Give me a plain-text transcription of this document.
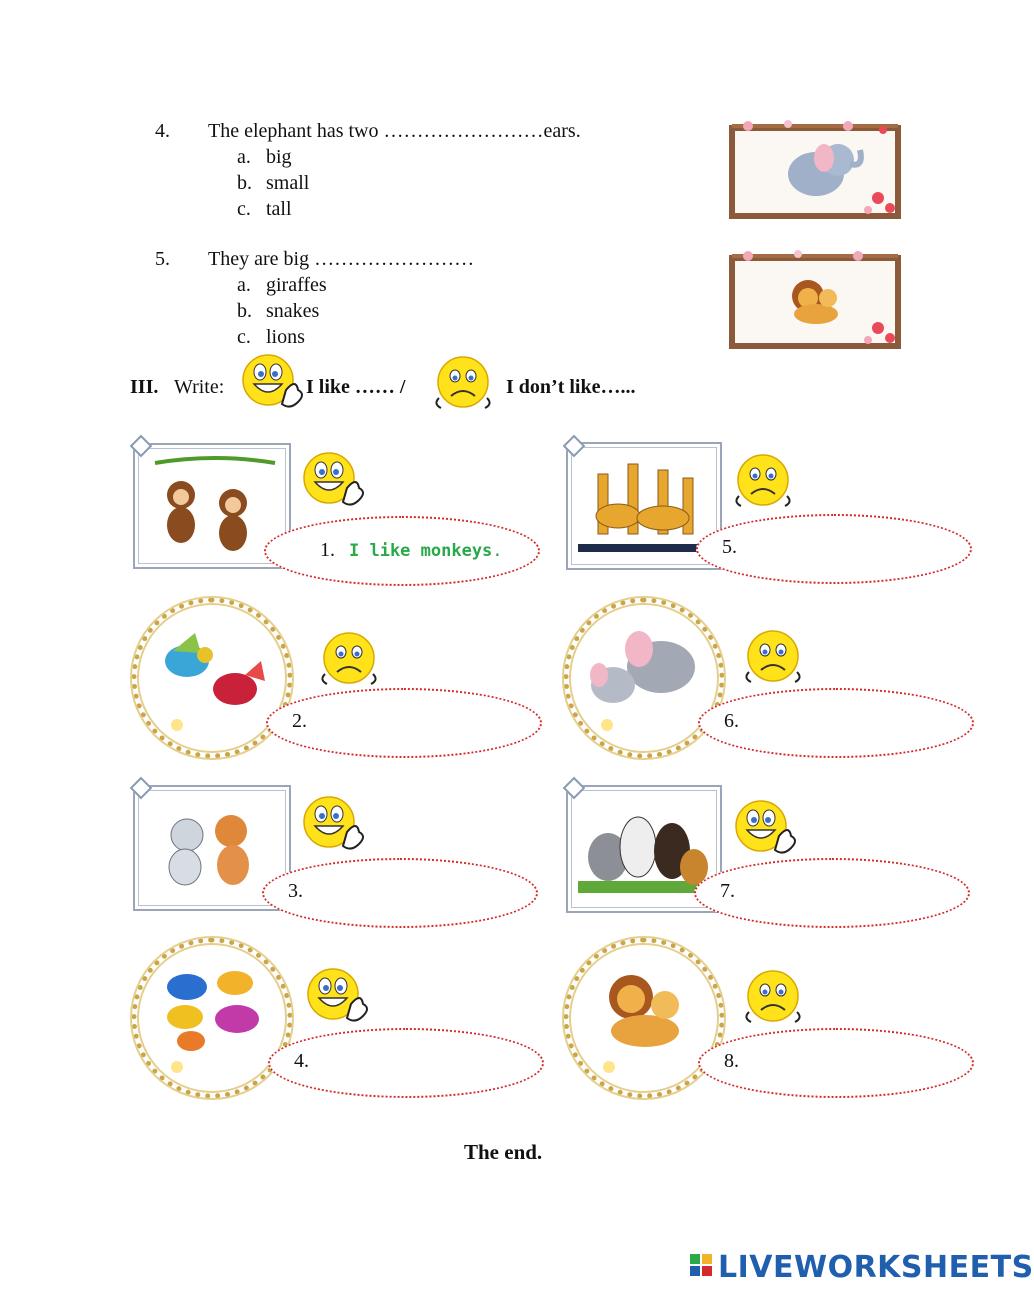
4. The elephant has two ……………………ears.
a. big
b. small
c. tall
5. They are big ……………………
a. giraffes
b. snakes
c. lions
III. Write:	I like …… /	I don’t like…...
1. I like monkeys.	5.
2.	6.
3.	7.
4.	8.
The end.
LIVEWORKSHEETS
